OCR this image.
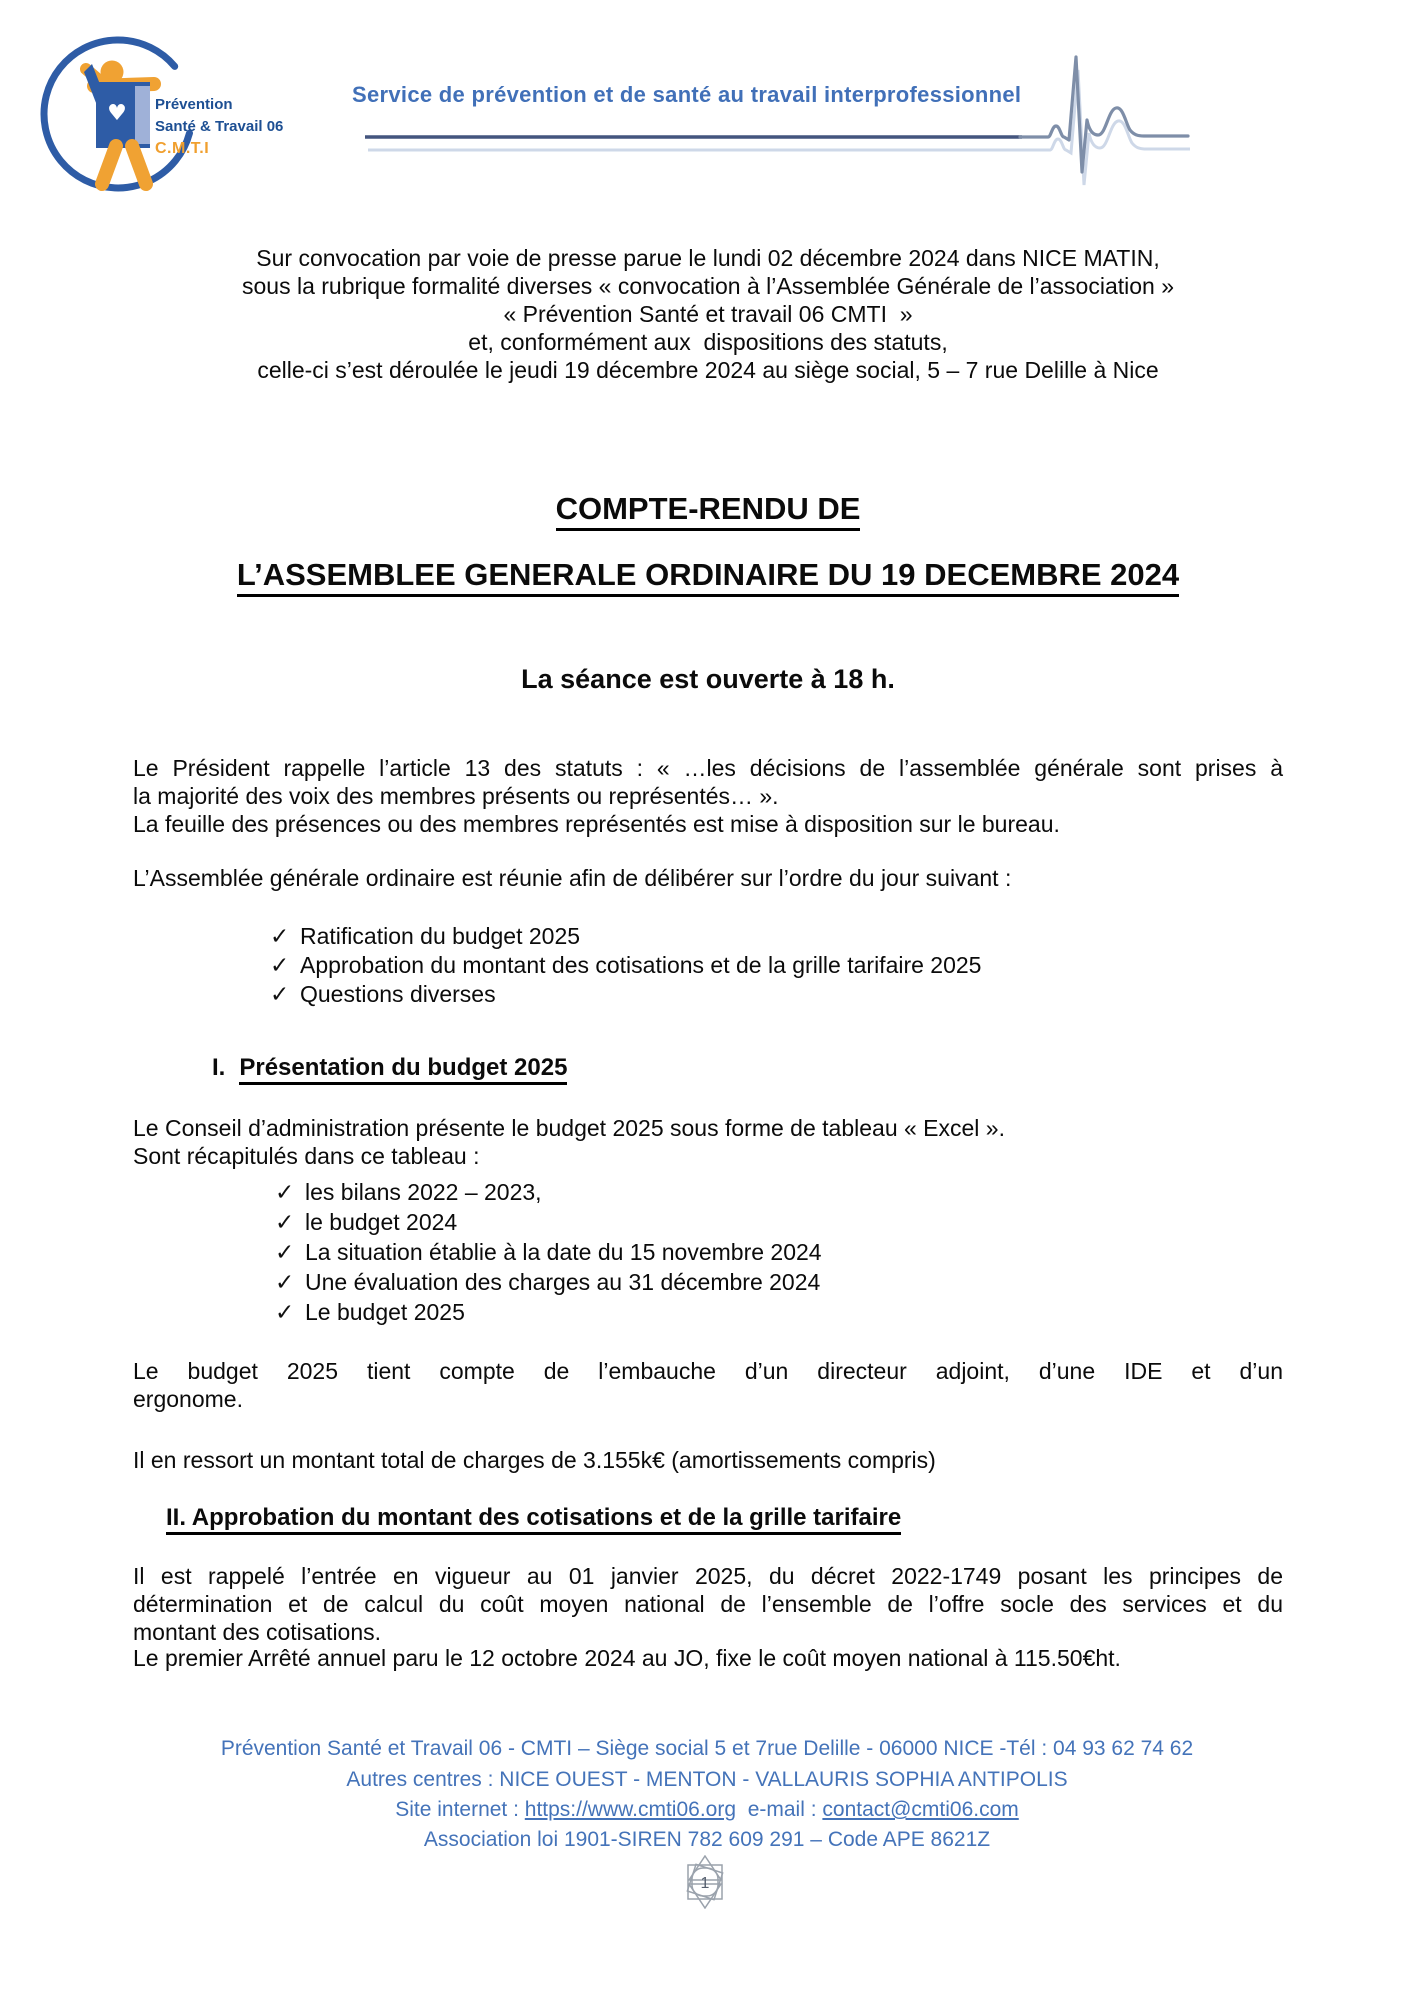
♥ Prévention
Santé & Travail 06
C.M.T.I
Service de prévention et de santé au travail interprofessionnel
Sur convocation par voie de presse parue le lundi 02 décembre 2024 dans NICE MATIN,
sous la rubrique formalité diverses « convocation à l’Assemblée Générale de l’association »
« Prévention Santé et travail 06 CMTI  »
et, conformément aux  dispositions des statuts,
celle-ci s’est déroulée le jeudi 19 décembre 2024 au siège social, 5 – 7 rue Delille à Nice
COMPTE-RENDU DE
L’ASSEMBLEE GENERALE ORDINAIRE DU 19 DECEMBRE 2024
La séance est ouverte à 18 h.
Le Président rappelle l’article 13 des statuts : « …les décisions de l’assemblée générale sont prises à
la majorité des voix des membres présents ou représentés… ».
La feuille des présences ou des membres représentés est mise à disposition sur le bureau.
L’Assemblée générale ordinaire est réunie afin de délibérer sur l’ordre du jour suivant :
✓ Ratification du budget 2025
✓ Approbation du montant des cotisations et de la grille tarifaire 2025
✓ Questions diverses
I. Présentation du budget 2025
Le Conseil d’administration présente le budget 2025 sous forme de tableau « Excel ».
Sont récapitulés dans ce tableau :
✓ les bilans 2022 – 2023,
✓ le budget 2024
✓ La situation établie à la date du 15 novembre 2024
✓ Une évaluation des charges au 31 décembre 2024
✓ Le budget 2025
Le budget 2025 tient compte de l’embauche d’un directeur adjoint, d’une IDE et d’un
ergonome.
Il en ressort un montant total de charges de 3.155k€ (amortissements compris)
II. Approbation du montant des cotisations et de la grille tarifaire
Il est rappelé l’entrée en vigueur au 01 janvier 2025, du décret 2022-1749 posant les principes de
détermination et de calcul du coût moyen national de l’ensemble de l’offre socle des services et du
montant des cotisations.
Le premier Arrêté annuel paru le 12 octobre 2024 au JO, fixe le coût moyen national à 115.50€ht.
Prévention Santé et Travail 06 - CMTI – Siège social 5 et 7rue Delille - 06000 NICE -Tél : 04 93 62 74 62
Autres centres : NICE OUEST - MENTON - VALLAURIS SOPHIA ANTIPOLIS
Site internet : https://www.cmti06.org  e-mail : contact@cmti06.com
Association loi 1901-SIREN 782 609 291 – Code APE 8621Z
1
